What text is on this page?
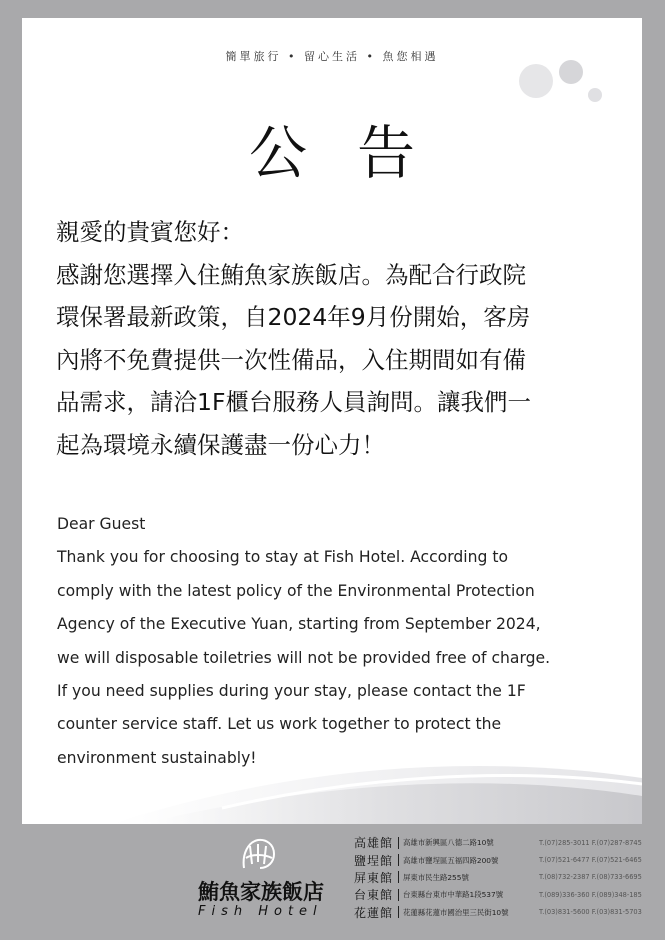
簡單旅行 • 留心生活 • 魚您相遇
公告

親愛的貴賓您好：

感謝您選擇入住鮪魚家族飯店。為配合行政院

環保署最新政策，自2024年9月份開始，客房

內將不免費提供一次性備品，入住期間如有備

品需求，請洽1F櫃台服務人員詢問。讓我們一

起為環境永續保護盡一份心力！

Dear Guest

Thank you for choosing to stay at Fish Hotel. According to

comply with the latest policy of the Environmental Protection

Agency of the Executive Yuan, starting from September 2024,

we will disposable toiletries will not be provided free of charge.

If you need supplies during your stay, please contact the 1F

counter service staff. Let us work together to protect the

environment sustainably!

鮪魚家族飯店
Fish Hotel
高雄館	高雄市新興區八德二路10號	T.(07)285-3011 F.(07)287-8745
鹽埕館	高雄市鹽埕區五福四路200號	T.(07)521-6477 F.(07)521-6465
屏東館	屏東市民生路255號	T.(08)732-2387 F.(08)733-6695
台東館	台東縣台東市中華路1段537號	T.(089)336-360 F.(089)348-185
花蓮館	花蓮縣花蓮市國治里三民街10號	T.(03)831-5600 F.(03)831-5703
